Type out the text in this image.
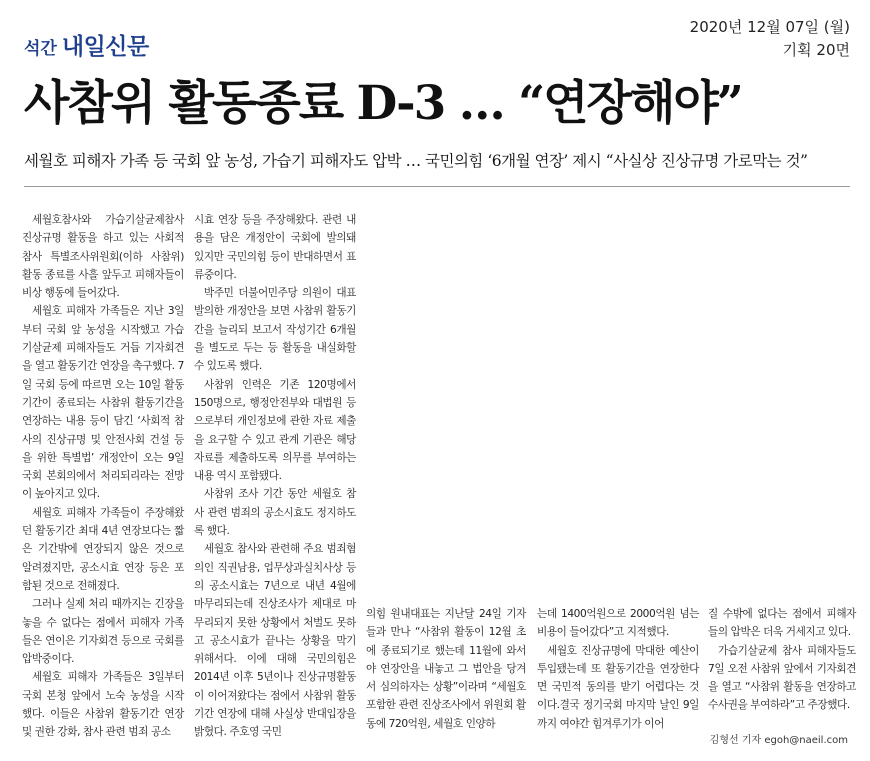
석간 내일신문
2020년 12월 07일 (월)
기획 20면
사참위 활동종료 D-3 … “연장해야”
세월호 피해자 가족 등 국회 앞 농성, 가습기 피해자도 압박 … 국민의힘 ‘6개월 연장’ 제시 “사실상 진상규명 가로막는 것”

세월호참사와 가습기살균제참사 진상규명 활동을 하고 있는 사회적 참사 특별조사위원회(이하 사참위) 활동 종료를 사흘 앞두고 피해자들이 비상 행동에 들어갔다.

세월호 피해자 가족들은 지난 3일부터 국회 앞 농성을 시작했고 가습기살균제 피해자들도 거듭 기자회견을 열고 활동기간 연장을 촉구했다. 7일 국회 등에 따르면 오는 10일 활동기간이 종료되는 사참위 활동기간을 연장하는 내용 등이 담긴 ‘사회적 참사의 진상규명 및 안전사회 건설 등을 위한 특별법’ 개정안이 오는 9일 국회 본회의에서 처리되리라는 전망이 높아지고 있다.

세월호 피해자 가족들이 주장해왔던 활동기간 최대 4년 연장보다는 짧은 기간밖에 연장되지 않은 것으로 알려졌지만, 공소시효 연장 등은 포함된 것으로 전해졌다.

그러나 실제 처리 때까지는 긴장을 놓을 수 없다는 점에서 피해자 가족들은 연이은 기자회견 등으로 국회를 압박중이다.

세월호 피해자 가족들은 3일부터 국회 본청 앞에서 노숙 농성을 시작했다. 이들은 사참위 활동기간 연장 및 권한 강화, 참사 관련 범죄 공소

시효 연장 등을 주장해왔다. 관련 내용을 담은 개정안이 국회에 발의돼 있지만 국민의힘 등이 반대하면서 표류중이다.

박주민 더불어민주당 의원이 대표발의한 개정안을 보면 사참위 활동기간을 늘리되 보고서 작성기간 6개월을 별도로 두는 등 활동을 내실화할 수 있도록 했다.

사참위 인력은 기존 120명에서 150명으로, 행정안전부와 대법원 등으로부터 개인정보에 관한 자료 제출을 요구할 수 있고 관계 기관은 해당 자료를 제출하도록 의무를 부여하는 내용 역시 포함됐다.

사참위 조사 기간 동안 세월호 참사 관련 범죄의 공소시효도 정지하도록 했다.

세월호 참사와 관련해 주요 범죄혐의인 직권남용, 업무상과실치사상 등의 공소시효는 7년으로 내년 4월에 마무리되는데 진상조사가 제대로 마무리되지 못한 상황에서 처벌도 못하고 공소시효가 끝나는 상황을 막기 위해서다. 이에 대해 국민의힘은 2014년 이후 5년이나 진상규명활동이 이어져왔다는 점에서 사참위 활동기간 연장에 대해 사실상 반대입장을 밝혔다. 주호영 국민

의힘 원내대표는 지난달 24일 기자들과 만나 “사참위 활동이 12월 초에 종료되기로 했는데 11월에 와서야 연장안을 내놓고 그 법안을 당겨서 심의하자는 상황”이라며 “세월호 포함한 관련 진상조사에서 위원회 활동에 720억원, 세월호 인양하

는데 1400억원으로 2000억원 넘는 비용이 들어갔다”고 지적했다.

세월호 진상규명에 막대한 예산이 투입됐는데 또 활동기간을 연장한다면 국민적 동의를 받기 어렵다는 것이다.결국 정기국회 마지막 날인 9일까지 여야간 힘겨루기가 이어

질 수밖에 없다는 점에서 피해자들의 압박은 더욱 거세지고 있다.

가습기살균제 참사 피해자들도 7일 오전 사참위 앞에서 기자회견을 열고 “사참위 활동을 연장하고 수사권을 부여하라”고 주장했다.

김형선 기자 egoh@naeil.com
